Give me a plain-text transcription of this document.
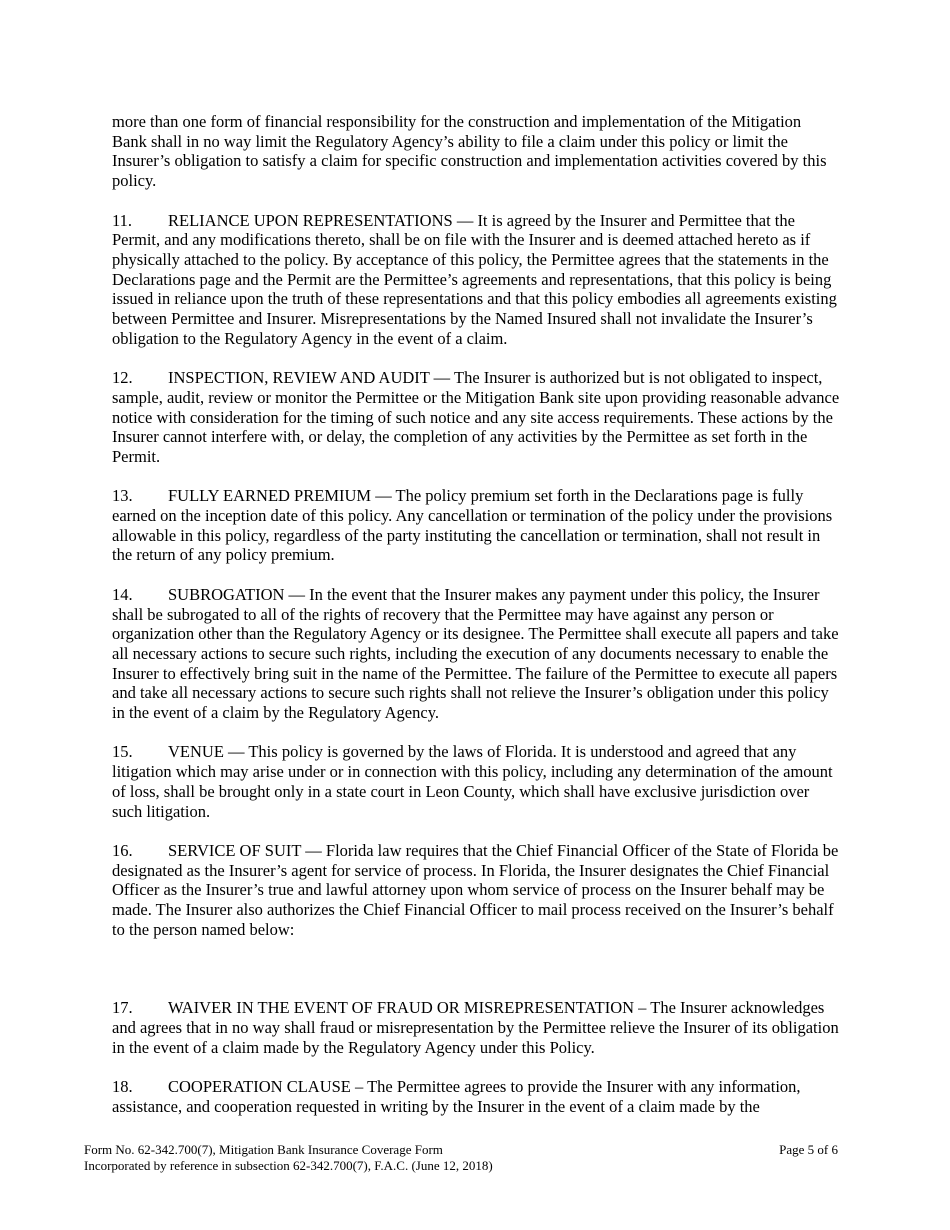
more than one form of financial responsibility for the construction and implementation of the Mitigation Bank shall in no way limit the Regulatory Agency’s ability to file a claim under this policy or limit the Insurer’s obligation to satisfy a claim for specific construction and implementation activities covered by this policy.

11. RELIANCE UPON REPRESENTATIONS — It is agreed by the Insurer and Permittee that the Permit, and any modifications thereto, shall be on file with the Insurer and is deemed attached hereto as if physically attached to the policy. By acceptance of this policy, the Permittee agrees that the statements in the Declarations page and the Permit are the Permittee’s agreements and representations, that this policy is being issued in reliance upon the truth of these representations and that this policy embodies all agreements existing between Permittee and Insurer. Misrepresentations by the Named Insured shall not invalidate the Insurer’s obligation to the Regulatory Agency in the event of a claim.

12. INSPECTION, REVIEW AND AUDIT — The Insurer is authorized but is not obligated to inspect, sample, audit, review or monitor the Permittee or the Mitigation Bank site upon providing reasonable advance notice with consideration for the timing of such notice and any site access requirements. These actions by the Insurer cannot interfere with, or delay, the completion of any activities by the Permittee as set forth in the Permit.

13. FULLY EARNED PREMIUM — The policy premium set forth in the Declarations page is fully earned on the inception date of this policy. Any cancellation or termination of the policy under the provisions allowable in this policy, regardless of the party instituting the cancellation or termination, shall not result in the return of any policy premium.

14. SUBROGATION — In the event that the Insurer makes any payment under this policy, the Insurer shall be subrogated to all of the rights of recovery that the Permittee may have against any person or organization other than the Regulatory Agency or its designee. The Permittee shall execute all papers and take all necessary actions to secure such rights, including the execution of any documents necessary to enable the Insurer to effectively bring suit in the name of the Permittee. The failure of the Permittee to execute all papers and take all necessary actions to secure such rights shall not relieve the Insurer’s obligation under this policy in the event of a claim by the Regulatory Agency.

15. VENUE — This policy is governed by the laws of Florida. It is understood and agreed that any litigation which may arise under or in connection with this policy, including any determination of the amount of loss, shall be brought only in a state court in Leon County, which shall have exclusive jurisdiction over such litigation.

16. SERVICE OF SUIT — Florida law requires that the Chief Financial Officer of the State of Florida be designated as the Insurer’s agent for service of process. In Florida, the Insurer designates the Chief Financial Officer as the Insurer’s true and lawful attorney upon whom service of process on the Insurer behalf may be made. The Insurer also authorizes the Chief Financial Officer to mail process received on the Insurer’s behalf to the person named below:

17. WAIVER IN THE EVENT OF FRAUD OR MISREPRESENTATION – The Insurer acknowledges and agrees that in no way shall fraud or misrepresentation by the Permittee relieve the Insurer of its obligation in the event of a claim made by the Regulatory Agency under this Policy.

18. COOPERATION CLAUSE – The Permittee agrees to provide the Insurer with any information, assistance, and cooperation requested in writing by the Insurer in the event of a claim made by the

Form No. 62-342.700(7), Mitigation Bank Insurance Coverage Form	Page 5 of 6
Incorporated by reference in subsection 62-342.700(7), F.A.C. (June 12, 2018)
